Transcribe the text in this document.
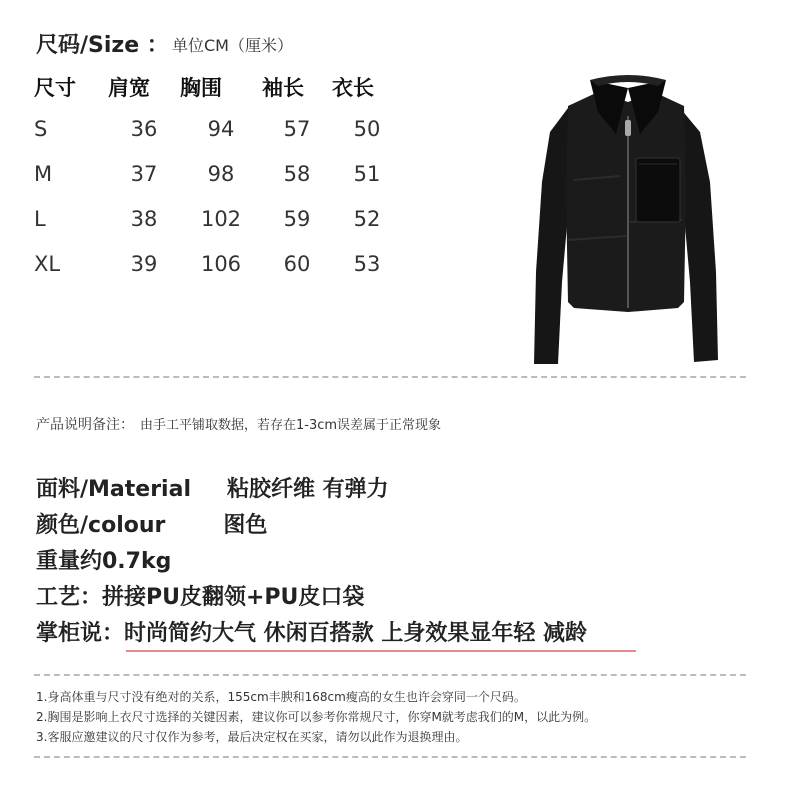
尺码/Size ： 单位CM（厘米）
尺寸	肩宽	胸围	袖长	衣长
S	36	94	57	50
M	37	98	58	51
L	38	102	59	52
XL	39	106	60	53
产品说明备注： 由手工平铺取数据，若存在1-3cm误差属于正常现象
面料/Material 粘胶纤维 有弹力
颜色/colour	图色
重量约0.7kg
工艺：拼接PU皮翻领+PU皮口袋
掌柜说：时尚简约大气 休闲百搭款 上身效果显年轻 减龄
1.身高体重与尺寸没有绝对的关系，155cm丰腴和168cm瘦高的女生也许会穿同一个尺码。
2.胸围是影响上衣尺寸选择的关键因素，建议你可以参考你常规尺寸，你穿M就考虑我们的M，以此为例。
3.客服应邀建议的尺寸仅作为参考，最后决定权在买家，请勿以此作为退换理由。
